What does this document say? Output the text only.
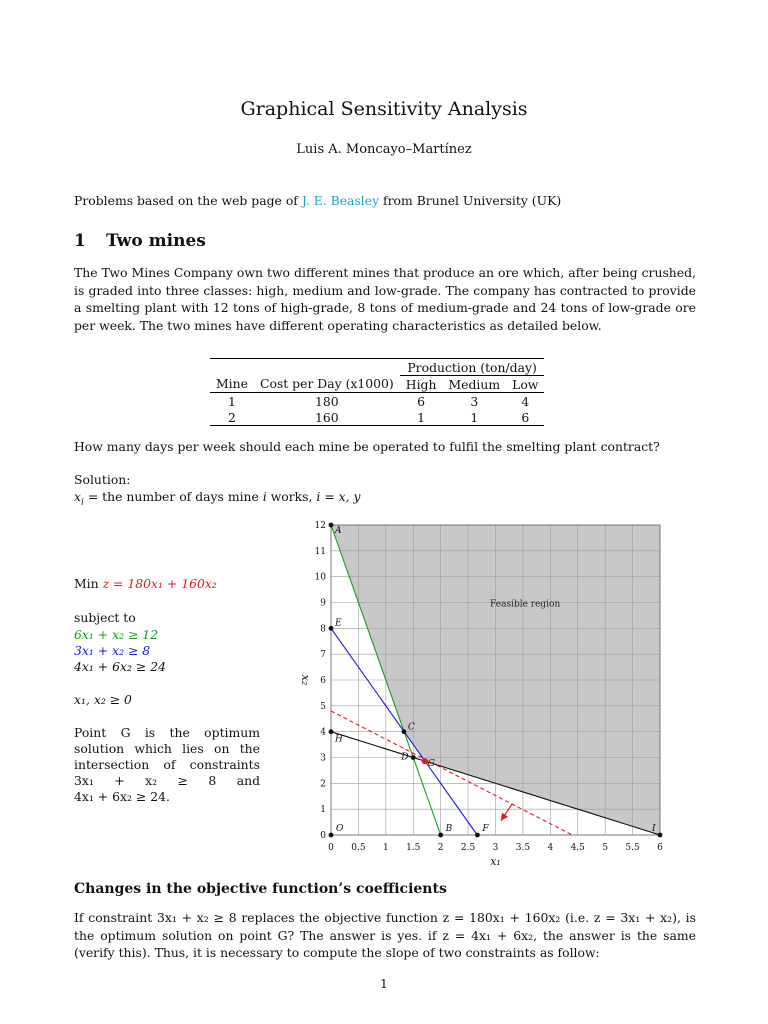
Graphical Sensitivity Analysis
Luis A. Moncayo–Martínez
Problems based on the web page of J. E. Beasley from Brunel University (UK)
1 Two mines
The Two Mines Company own two different mines that produce an ore which, after being crushed, is graded into three classes: high, medium and low-grade. The company has contracted to provide a smelting plant with 12 tons of high-grade, 8 tons of medium-grade and 24 tons of low-grade ore per week. The two mines have different operating characteristics as detailed below.
		Production (ton/day)		
Mine	Cost per Day (x1000)	High	Medium	Low
1	180	6	3	4
2	160	1	1	6
How many days per week should each mine be operated to fulfil the smelting plant contract?
Solution:
$x_i$ = the number of days mine i works, i = x, y
Min z = 180x₁ + 160x₂
subject to
6x₁ + x₂ ≥ 12
3x₁ + x₂ ≥ 8
4x₁ + 6x₂ ≥ 24
x₁, x₂ ≥ 0
Point G is the optimum
solution which lies on the
intersection of constraints
3x₁ + x₂ ≥ 8 and
4x₁ + 6x₂ ≥ 24.
A
E
C
H
D
G
O	B	F	I
0 0.5 1 1.5 2 2.5 3 3.5 4 4.5 5 5.5 6
0
1
2
3
4
5
6
7
8
9
10
11
12
Feasible region
x₁
x₂
Changes in the objective function’s coefficients
If constraint 3x₁ + x₂ ≥ 8 replaces the objective function z = 180x₁ + 160x₂ (i.e. z = 3x₁ + x₂), is the optimum solution on point G? The answer is yes. if z = 4x₁ + 6x₂, the answer is the same (verify this). Thus, it is necessary to compute the slope of two constraints as follow:
1
